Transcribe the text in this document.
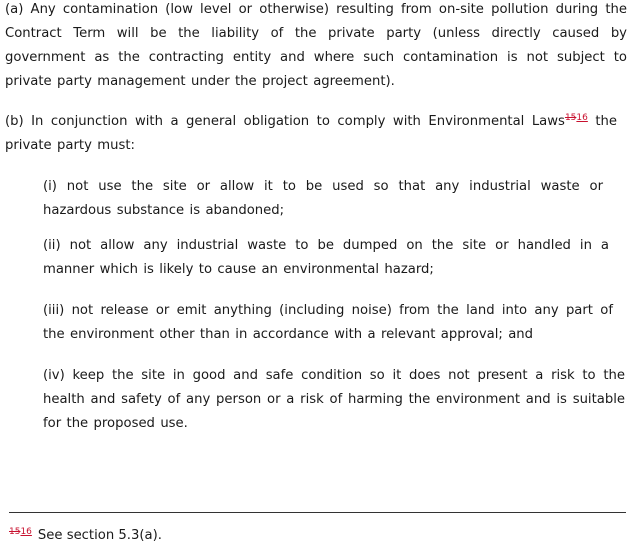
(a) Any contamination (low level or otherwise) resulting from on-site pollution during the Contract Term will be the liability of the private party (unless directly caused by government as the contracting entity and where such contamination is not subject to private party management under the project agreement).
(b) In conjunction with a general obligation to comply with Environmental Laws$^{1516}$ the private party must:
(i) not use the site or allow it to be used so that any industrial waste or hazardous substance is abandoned;
(ii) not allow any industrial waste to be dumped on the site or handled in a manner which is likely to cause an environmental hazard;
(iii) not release or emit anything (including noise) from the land into any part of the environment other than in accordance with a relevant approval; and
(iv) keep the site in good and safe condition so it does not present a risk to the health and safety of any person or a risk of harming the environment and is suitable for the proposed use.
$^{1516}$ See section 5.3(a).
